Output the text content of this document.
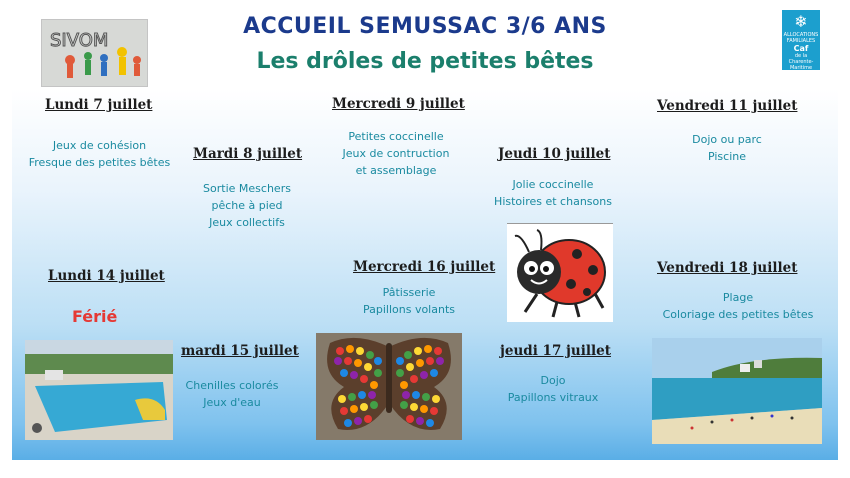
ACCUEIL SEMUSSAC 3/6 ANS
Les drôles de petites bêtes
SIVOM
❄
ALLOCATIONS
FAMILIALES
Caf
de la Charente-
Maritime
Lundi 7 juillet
Jeux de cohésion
Fresque des petites bêtes
Mardi 8 juillet
Sortie Meschers
pêche à pied
Jeux collectifs
Mercredi 9 juillet
Petites coccinelle
Jeux de contruction
et assemblage
Jeudi 10 juillet
Jolie coccinelle
Histoires et chansons
Vendredi 11 juillet
Dojo ou parc
Piscine
Lundi 14 juillet
Férié
mardi 15 juillet
Chenilles colorés
Jeux d'eau
Mercredi 16 juillet
Pâtisserie
Papillons volants
jeudi 17 juillet
Dojo
Papillons vitraux
Vendredi 18 juillet
Plage
Coloriage des petites bêtes
